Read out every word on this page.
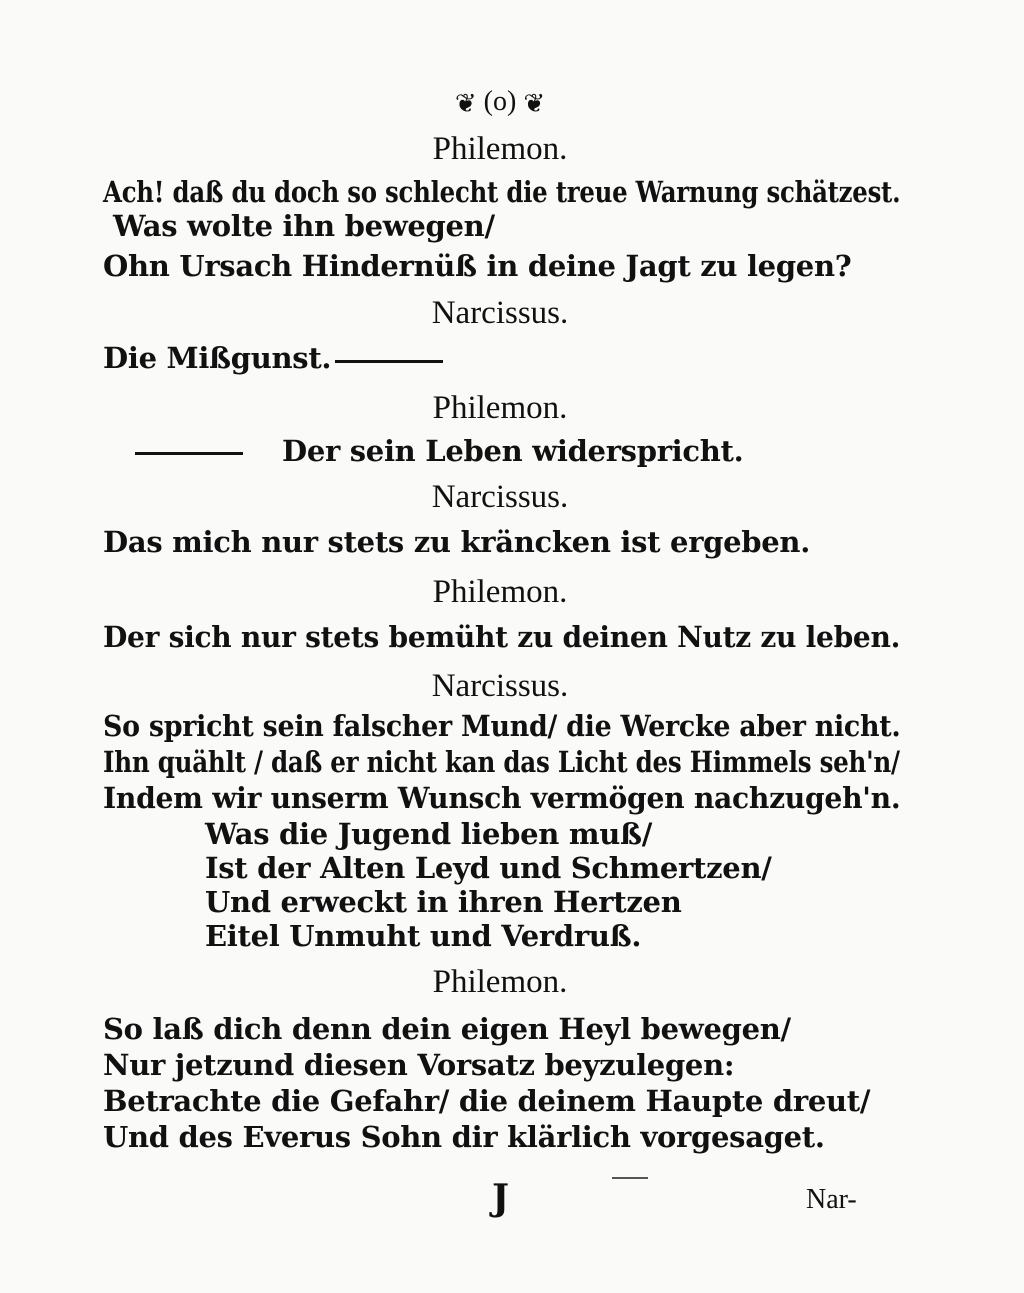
❦ (o) ❦
Philemon.
Ach! daß du doch so schlecht die treue Warnung schätzest.
Was wolte ihn bewegen/
Ohn Ursach Hindernüß in deine Jagt zu legen?
Narcissus.
Die Mißgunst.
Philemon.
Der sein Leben widerspricht.
Narcissus.
Das mich nur stets zu kräncken ist ergeben.
Philemon.
Der sich nur stets bemüht zu deinen Nutz zu leben.
Narcissus.
So spricht sein falscher Mund/ die Wercke aber nicht.
Ihn quählt / daß er nicht kan das Licht des Himmels seh'n/
Indem wir unserm Wunsch vermögen nachzugeh'n.
Was die Jugend lieben muß/
Ist der Alten Leyd und Schmertzen/
Und erweckt in ihren Hertzen
Eitel Unmuht und Verdruß.
Philemon.
So laß dich denn dein eigen Heyl bewegen/
Nur jetzund diesen Vorsatz beyzulegen:
Betrachte die Gefahr/ die deinem Haupte dreut/
Und des Everus Sohn dir klärlich vorgesaget.
J	Nar-
